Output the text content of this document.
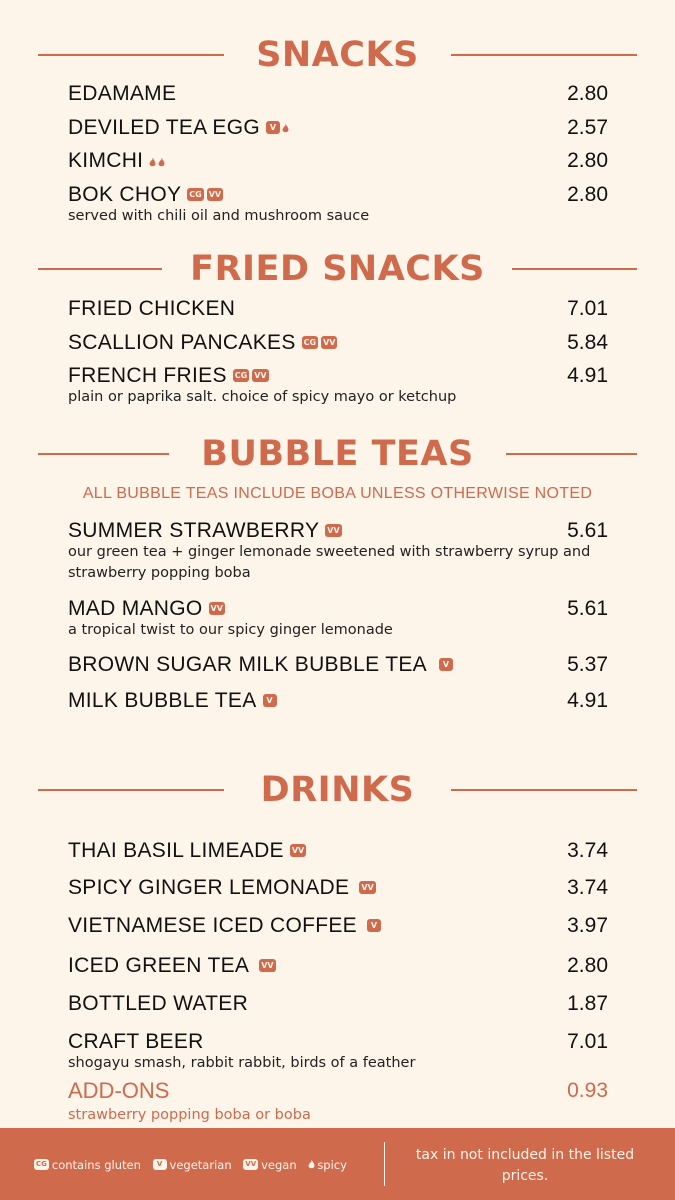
SNACKS
EDAMAME	2.80
DEVILED TEA EGG V	2.57
KIMCHI	2.80
BOK CHOY CG VV	2.80
served with chili oil and mushroom sauce
FRIED SNACKS
FRIED CHICKEN	7.01
SCALLION PANCAKES CG VV	5.84
FRENCH FRIES CG VV	4.91
plain or paprika salt. choice of spicy mayo or ketchup
BUBBLE TEAS
ALL BUBBLE TEAS INCLUDE BOBA UNLESS OTHERWISE NOTED
SUMMER STRAWBERRY VV	5.61
our green tea + ginger lemonade sweetened with strawberry syrup and strawberry popping boba
MAD MANGO VV	5.61
a tropical twist to our spicy ginger lemonade
BROWN SUGAR MILK BUBBLE TEA V	5.37
MILK BUBBLE TEA V	4.91
DRINKS
THAI BASIL LIMEADE VV	3.74
SPICY GINGER LEMONADE VV	3.74
VIETNAMESE ICED COFFEE V	3.97
ICED GREEN TEA VV	2.80
BOTTLED WATER	1.87
CRAFT BEER	7.01
shogayu smash, rabbit rabbit, birds of a feather
ADD-ONS	0.93
strawberry popping boba or boba
CG contains gluten V vegetarian VV vegan spicy
tax in not included in the listed prices.
